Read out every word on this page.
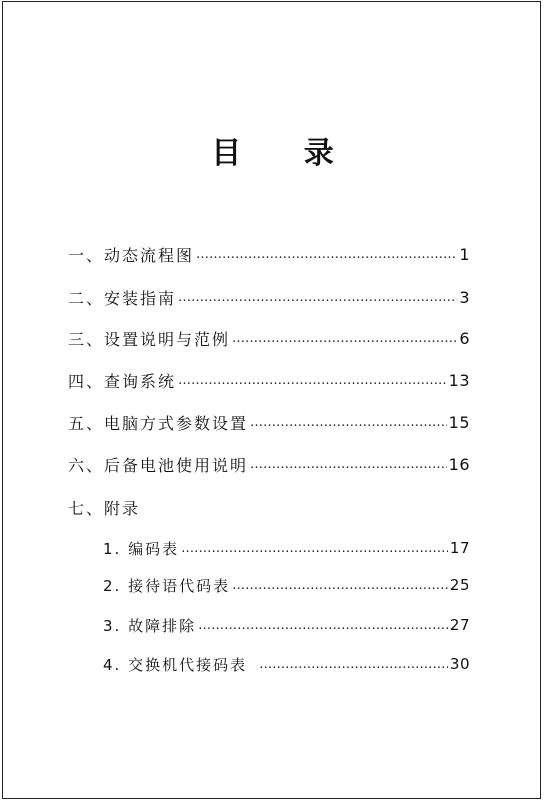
目 录
一、动态流程图 …………………………………………………………………………………………………………	1
二、安装指南 …………………………………………………………………………………………………………	3
三、设置说明与范例 …………………………………………………………………………………………………………	6
四、查询系统 …………………………………………………………………………………………………………	13
五、电脑方式参数设置 …………………………………………………………………………………………………………	15
六、后备电池使用说明 …………………………………………………………………………………………………………	16
七、附录
1. 编码表 …………………………………………………………………………………………………………	17
2. 接待语代码表 …………………………………………………………………………………………………………	25
3. 故障排除 …………………………………………………………………………………………………………	27
4. 交换机代接码表 …………………………………………………………………………………………………………	30
